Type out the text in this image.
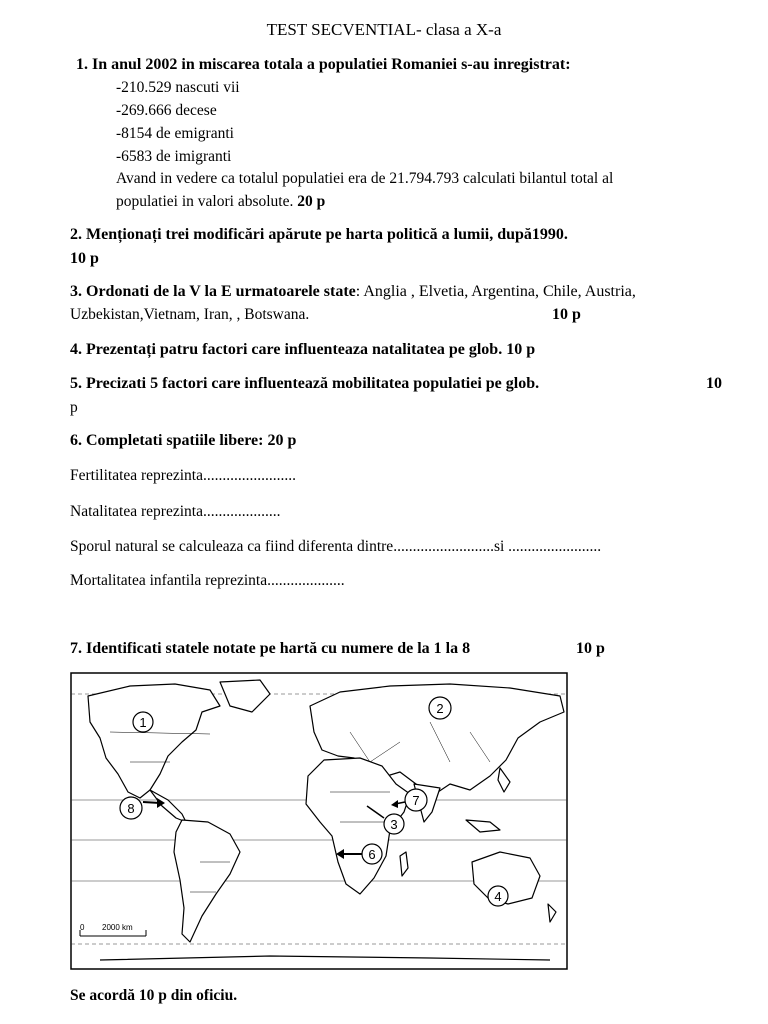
TEST SECVENTIAL- clasa a X-a
1. In anul 2002 in miscarea totala a populatiei Romaniei s-au inregistrat:
-210.529 nascuti vii
-269.666 decese
-8154 de emigranti
-6583 de imigranti
Avand in vedere ca totalul populatiei era de 21.794.793 calculati bilantul total al
populatiei in valori absolute. 20 p
2. Menționați trei modificări apărute pe harta politică a lumii, după1990.
10 p
3. Ordonati de la V la E urmatoarele state: Anglia , Elvetia, Argentina, Chile, Austria,
Uzbekistan,Vietnam, Iran, , Botswana.	10 p
4. Prezentați patru factori care influenteaza natalitatea pe glob. 10 p
5. Precizati 5 factori care influentează mobilitatea populatiei pe glob.	10
p
6. Completati spatiile libere: 20 p
Fertilitatea reprezinta........................
Natalitatea reprezinta....................
Sporul natural se calculeaza ca fiind diferenta dintre..........................si ........................
Mortalitatea infantila reprezinta....................
7. Identificati statele notate pe hartă cu numere de la 1 la 8	10 p
1
2
3
4
6
7
8
0 2000 km
Se acordă 10 p din oficiu.
